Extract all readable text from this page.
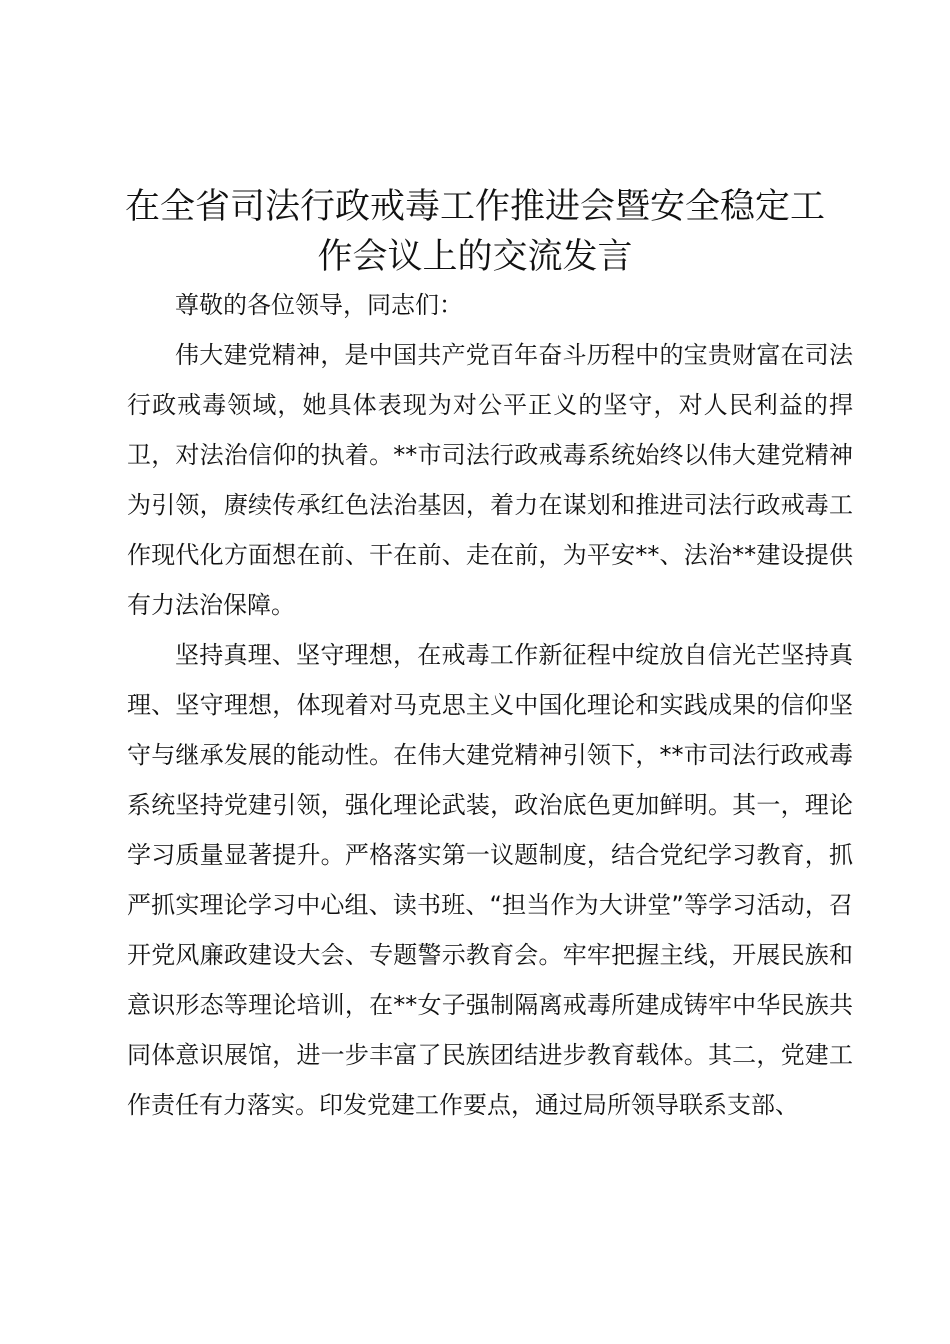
在全省司法行政戒毒工作推进会暨安全稳定工作会议上的交流发言

尊敬的各位领导，同志们：

伟大建党精神，是中国共产党百年奋斗历程中的宝贵财富在司法行政戒毒领域，她具体表现为对公平正义的坚守，对人民利益的捍卫，对法治信仰的执着。**市司法行政戒毒系统始终以伟大建党精神为引领，赓续传承红色法治基因，着力在谋划和推进司法行政戒毒工作现代化方面想在前、干在前、走在前，为平安**、法治**建设提供有力法治保障。

坚持真理、坚守理想，在戒毒工作新征程中绽放自信光芒坚持真理、坚守理想，体现着对马克思主义中国化理论和实践成果的信仰坚守与继承发展的能动性。在伟大建党精神引领下，**市司法行政戒毒系统坚持党建引领，强化理论武装，政治底色更加鲜明。其一，理论学习质量显著提升。严格落实第一议题制度，结合党纪学习教育，抓严抓实理论学习中心组、读书班、“担当作为大讲堂”等学习活动，召开党风廉政建设大会、专题警示教育会。牢牢把握主线，开展民族和意识形态等理论培训，在**女子强制隔离戒毒所建成铸牢中华民族共同体意识展馆，进一步丰富了民族团结进步教育载体。其二，党建工作责任有力落实。印发党建工作要点，通过局所领导联系支部、
